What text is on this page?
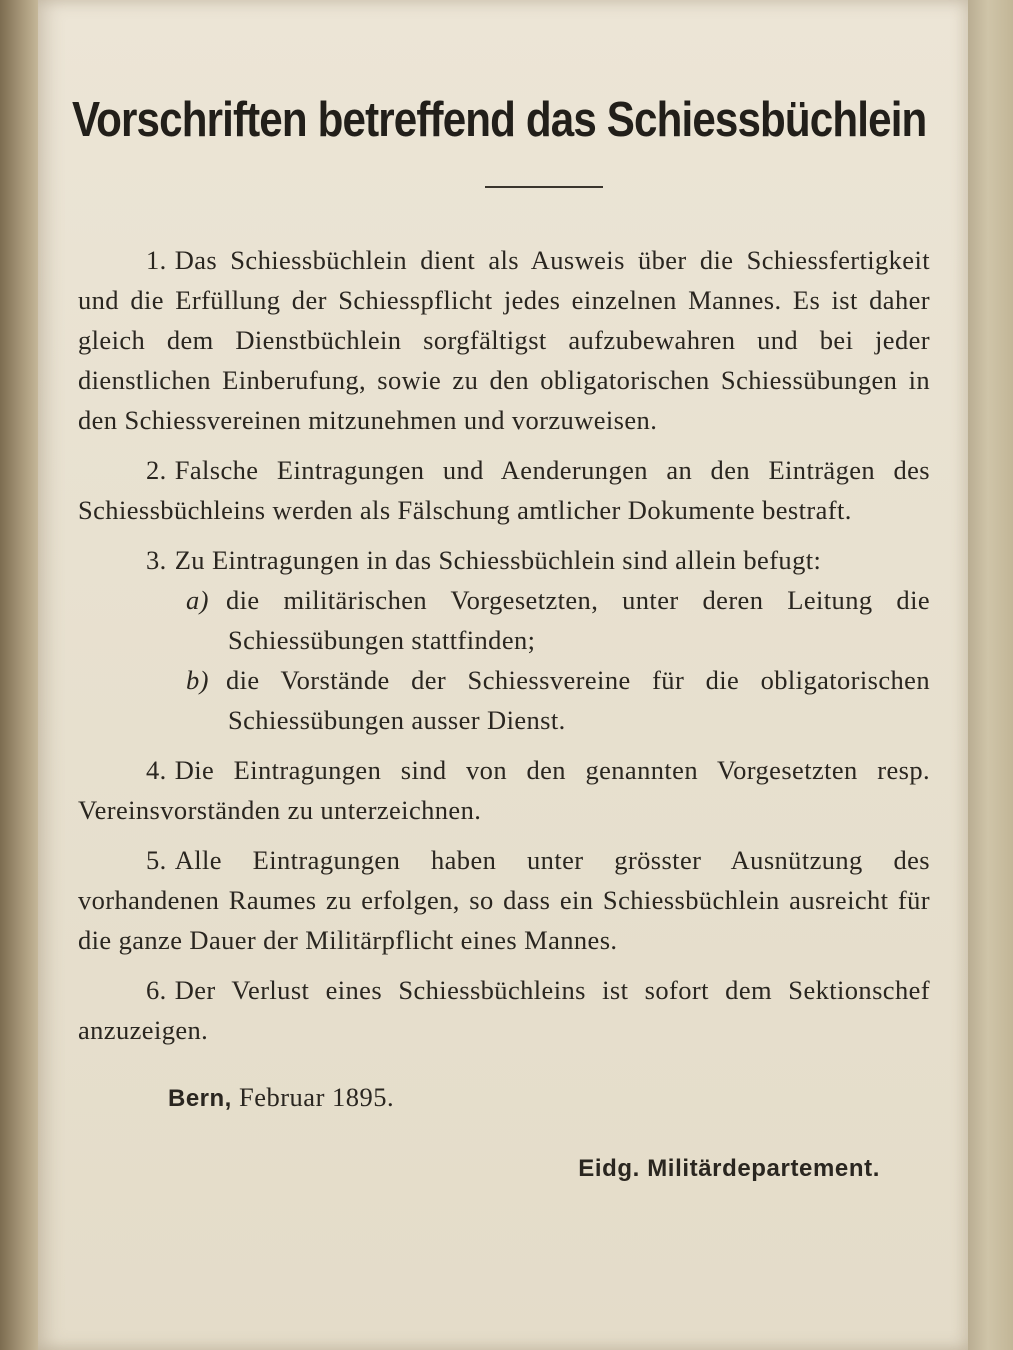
Vorschriften betreffend das Schiessbüchlein

1. Das Schiessbüchlein dient als Ausweis über die Schiessfertigkeit und die Erfüllung der Schiesspflicht jedes einzelnen Mannes. Es ist daher gleich dem Dienstbüchlein sorgfältigst aufzubewahren und bei jeder dienstlichen Einberufung, sowie zu den obligatorischen Schiessübungen in den Schiessvereinen mitzunehmen und vorzuweisen.

2. Falsche Eintragungen und Aenderungen an den Einträgen des Schiessbüchleins werden als Fälschung amtlicher Dokumente bestraft.

3. Zu Eintragungen in das Schiessbüchlein sind allein befugt:

a) die militärischen Vorgesetzten, unter deren Leitung die Schiessübungen stattfinden;

b) die Vorstände der Schiessvereine für die obligatorischen Schiessübungen ausser Dienst.

4. Die Eintragungen sind von den genannten Vorgesetzten resp. Vereinsvorständen zu unterzeichnen.

5. Alle Eintragungen haben unter grösster Ausnützung des vorhandenen Raumes zu erfolgen, so dass ein Schiessbüchlein ausreicht für die ganze Dauer der Militärpflicht eines Mannes.

6. Der Verlust eines Schiessbüchleins ist sofort dem Sektionschef anzuzeigen.

Bern, Februar 1895.
Eidg. Militärdepartement.
